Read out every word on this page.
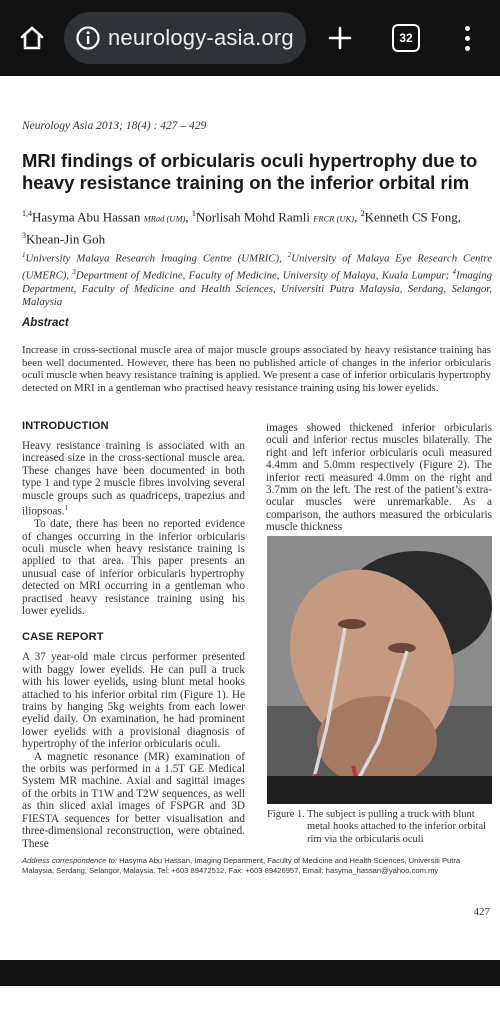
neurology-asia.org	32
Neurology Asia 2013; 18(4) : 427 – 429
MRI findings of orbicularis oculi hypertrophy due to heavy resistance training on the inferior orbital rim
$^{1,4}$Hasyma Abu Hassan MRad (UM), $^1$Norlisah Mohd Ramli FRCR (UK), $^2$Kenneth CS Fong,
$^3$Khean-Jin Goh
$^1$University Malaya Research Imaging Centre (UMRIC), $^2$University of Malaya Eye Research Centre (UMERC), $^3$Department of Medicine, Faculty of Medicine, University of Malaya, Kuala Lumpur; $^4$Imaging Department, Faculty of Medicine and Health Sciences, Universiti Putra Malaysia, Serdang, Selangor, Malaysia
Abstract
Increase in cross-sectional muscle area of major muscle groups associated by heavy resistance training has been well documented. However, there has been no published article of changes in the inferior orbicularis oculi muscle when heavy resistance training is applied. We present a case of inferior orbicularis hypertrophy detected on MRI in a gentleman who practised heavy resistance training using his lower eyelids.
INTRODUCTION
Heavy resistance training is associated with an increased size in the cross-sectional muscle area. These changes have been documented in both type 1 and type 2 muscle fibres involving several muscle groups such as quadriceps, trapezius and iliopsoas.$^1$
To date, there has been no reported evidence of changes occurring in the inferior orbicularis oculi muscle when heavy resistance training is applied to that area. This paper presents an unusual case of inferior orbicularis hypertrophy detected on MRI occurring in a gentleman who practised heavy resistance training using his lower eyelids.
CASE REPORT
A 37 year-old male circus performer presented with baggy lower eyelids. He can pull a truck with his lower eyelids, using blunt metal hooks attached to his inferior orbital rim (Figure 1). He trains by hanging 5kg weights from each lower eyelid daily. On examination, he had prominent lower eyelids with a provisional diagnosis of hypertrophy of the inferior orbicularis oculi.
A magnetic resonance (MR) examination of the orbits was performed in a 1.5T GE Medical System MR machine. Axial and sagittal images of the orbits in T1W and T2W sequences, as well as thin sliced axial images of FSPGR and 3D FIESTA sequences for better visualisation and three-dimensional reconstruction, were obtained. These
images showed thickened inferior orbicularis oculi and inferior rectus muscles bilaterally. The right and left inferior orbicularis oculi measured 4.4mm and 5.0mm respectively (Figure 2). The inferior recti measured 4.0mm on the right and 3.7mm on the left. The rest of the patient’s extra-ocular muscles were unremarkable. As a comparison, the authors measured the orbicularis muscle thickness
Figure 1. The subject is pulling a truck with blunt metal hooks attached to the inferior orbital rim via the orbicularis oculi
Address correspondence to: Hasyma Abu Hassan, Imaging Department, Faculty of Medicine and Health Sciences, Universiti Putra Malaysia, Serdang, Selangor, Malaysia. Tel: +603 89472512, Fax: +603 89426957, Email: hasyma_hassan@yahoo.com.my
427
